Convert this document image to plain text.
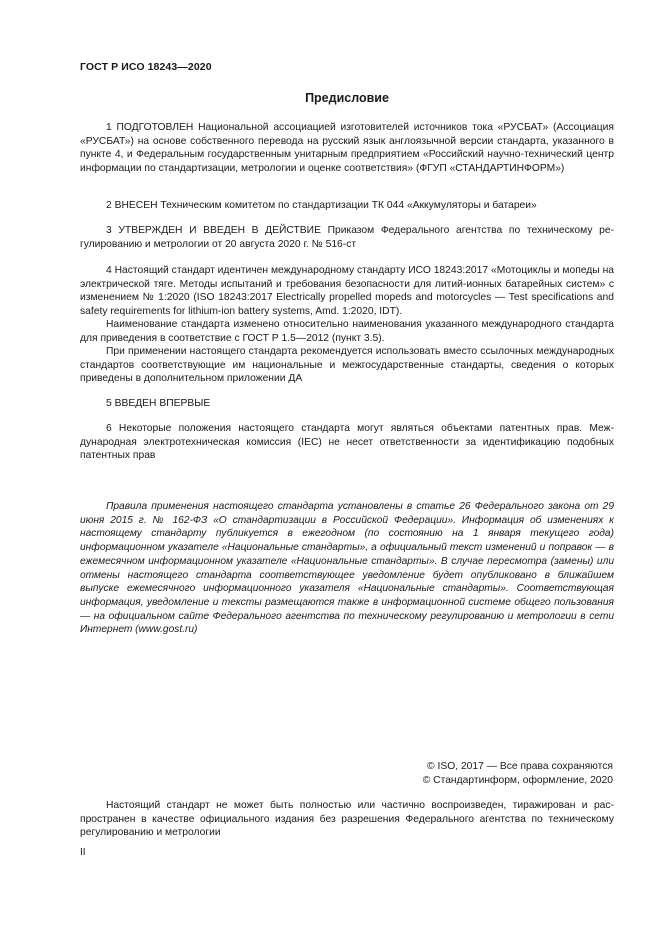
ГОСТ Р ИСО 18243—2020
Предисловие

1 ПОДГОТОВЛЕН Национальной ассоциацией изготовителей источников тока «РУСБАТ» (Ассоциация «РУСБАТ») на основе собственного перевода на русский язык англоязычной версии стандарта, указанного в пункте 4, и Федеральным государственным унитарным предприятием «Российский научно-технический центр информации по стандартизации, метрологии и оценке соответствия» (ФГУП «СТАНДАРТИНФОРМ»)

2 ВНЕСЕН Техническим комитетом по стандартизации ТК 044 «Аккумуляторы и батареи»

3 УТВЕРЖДЕН И ВВЕДЕН В ДЕЙСТВИЕ Приказом Федерального агентства по техническому регулированию и метрологии от 20 августа 2020 г. № 516-ст

4 Настоящий стандарт идентичен международному стандарту ИСО 18243:2017 «Мотоциклы и мопеды на электрической тяге. Методы испытаний и требования безопасности для литий-ионных батарейных систем» с изменением № 1:2020 (ISO 18243:2017 Electrically propelled mopeds and motorcycles — Test specifications and safety requirements for lithium-ion battery systems, Amd. 1:2020, IDT).

Наименование стандарта изменено относительно наименования указанного международного стандарта для приведения в соответствие с ГОСТ Р 1.5—2012 (пункт 3.5).

При применении настоящего стандарта рекомендуется использовать вместо ссылочных международных стандартов соответствующие им национальные и межгосударственные стандарты, сведения о которых приведены в дополнительном приложении ДА

5 ВВЕДЕН ВПЕРВЫЕ

6 Некоторые положения настоящего стандарта могут являться объектами патентных прав. Международная электротехническая комиссия (IEC) не несет ответственности за идентификацию подобных патентных прав

Правила применения настоящего стандарта установлены в статье 26 Федерального закона от 29 июня 2015 г. № 162-ФЗ «О стандартизации в Российской Федерации». Информация об изменениях к настоящему стандарту публикуется в ежегодном (по состоянию на 1 января текущего года) информационном указателе «Национальные стандарты», а официальный текст изменений и поправок — в ежемесячном информационном указателе «Национальные стандарты». В случае пересмотра (замены) или отмены настоящего стандарта соответствующее уведомление будет опубликовано в ближайшем выпуске ежемесячного информационного указателя «Национальные стандарты». Соответствующая информация, уведомление и тексты размещаются также в информационной системе общего пользования — на официальном сайте Федерального агентства по техническому регулированию и метрологии в сети Интернет (www.gost.ru)

© ISO, 2017 — Все права сохраняются

© Стандартинформ, оформление, 2020

Настоящий стандарт не может быть полностью или частично воспроизведен, тиражирован и распространен в качестве официального издания без разрешения Федерального агентства по техническому регулированию и метрологии

II
